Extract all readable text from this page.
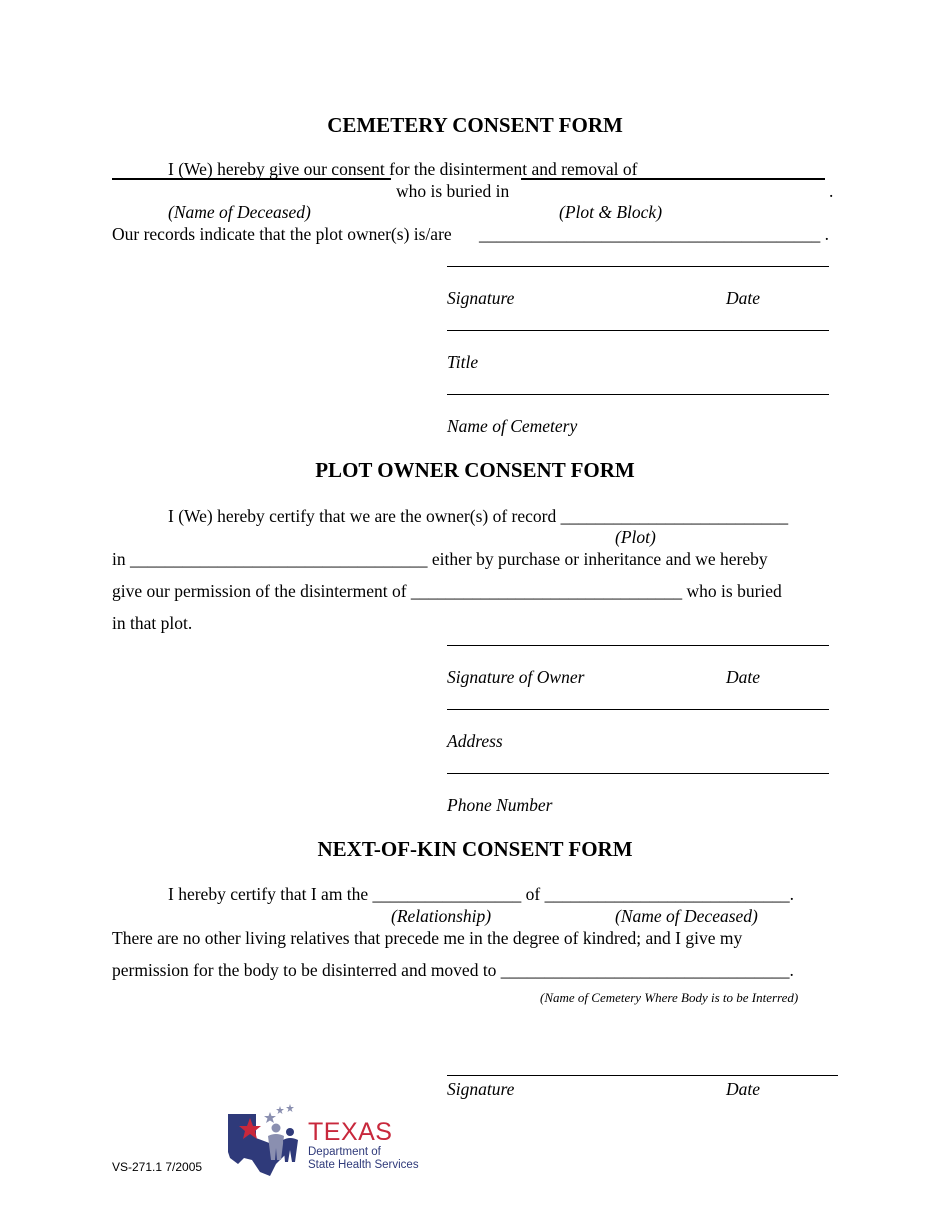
CEMETERY CONSENT FORM
I (We) hereby give our consent for the disinterment and removal of
who is buried in	.
(Name of Deceased)	(Plot & Block)
Our records indicate that the plot owner(s) is/are _______________________________________ .
Signature	Date
Title
Name of Cemetery
PLOT OWNER CONSENT FORM
I (We) hereby certify that we are the owner(s) of record __________________________
(Plot)
in __________________________________ either by purchase or inheritance and we hereby
give our permission of the disinterment of _______________________________ who is buried
in that plot.
Signature of Owner	Date
Address
Phone Number
NEXT-OF-KIN CONSENT FORM
I hereby certify that I am the _________________ of ____________________________.
(Relationship)	(Name of Deceased)
There are no other living relatives that precede me in the degree of kindred; and I give my
permission for the body to be disinterred and moved to _________________________________.
(Name of Cemetery Where Body is to be Interred)
Signature	Date
VS-271.1 7/2005
TEXAS
Department of
State Health Services
